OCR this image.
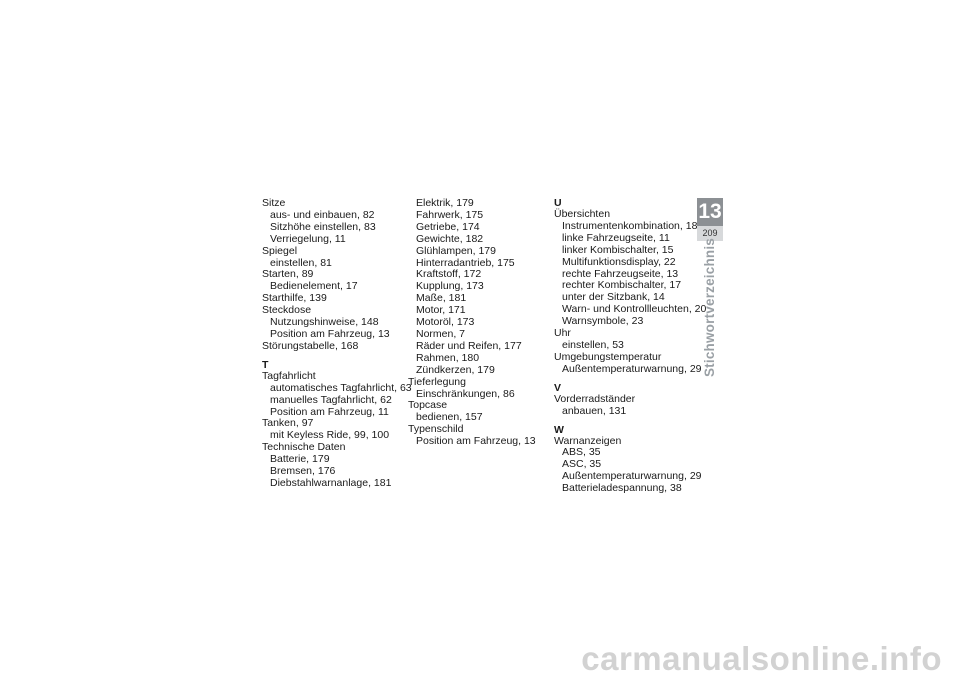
Sitze
aus- und einbauen, 82
Sitzhöhe einstellen, 83
Verriegelung, 11
Spiegel
einstellen, 81
Starten, 89
Bedienelement, 17
Starthilfe, 139
Steckdose
Nutzungshinweise, 148
Position am Fahrzeug, 13
Störungstabelle, 168
T
Tagfahrlicht
automatisches Tagfahrlicht, 63
manuelles Tagfahrlicht, 62
Position am Fahrzeug, 11
Tanken, 97
mit Keyless Ride, 99, 100
Technische Daten
Batterie, 179
Bremsen, 176
Diebstahlwarnanlage, 181
Elektrik, 179
Fahrwerk, 175
Getriebe, 174
Gewichte, 182
Glühlampen, 179
Hinterradantrieb, 175
Kraftstoff, 172
Kupplung, 173
Maße, 181
Motor, 171
Motoröl, 173
Normen, 7
Räder und Reifen, 177
Rahmen, 180
Zündkerzen, 179
Tieferlegung
Einschränkungen, 86
Topcase
bedienen, 157
Typenschild
Position am Fahrzeug, 13
U
Übersichten
Instrumentenkombination, 18
linke Fahrzeugseite, 11
linker Kombischalter, 15
Multifunktionsdisplay, 22
rechte Fahrzeugseite, 13
rechter Kombischalter, 17
unter der Sitzbank, 14
Warn- und Kontrollleuchten, 20
Warnsymbole, 23
Uhr
einstellen, 53
Umgebungstemperatur
Außentemperaturwarnung, 29
V
Vorderradständer
anbauen, 131
W
Warnanzeigen
ABS, 35
ASC, 35
Außentemperaturwarnung, 29
Batterieladespannung, 38
13
209
Stichwortverzeichnis
carmanualsonline.info
